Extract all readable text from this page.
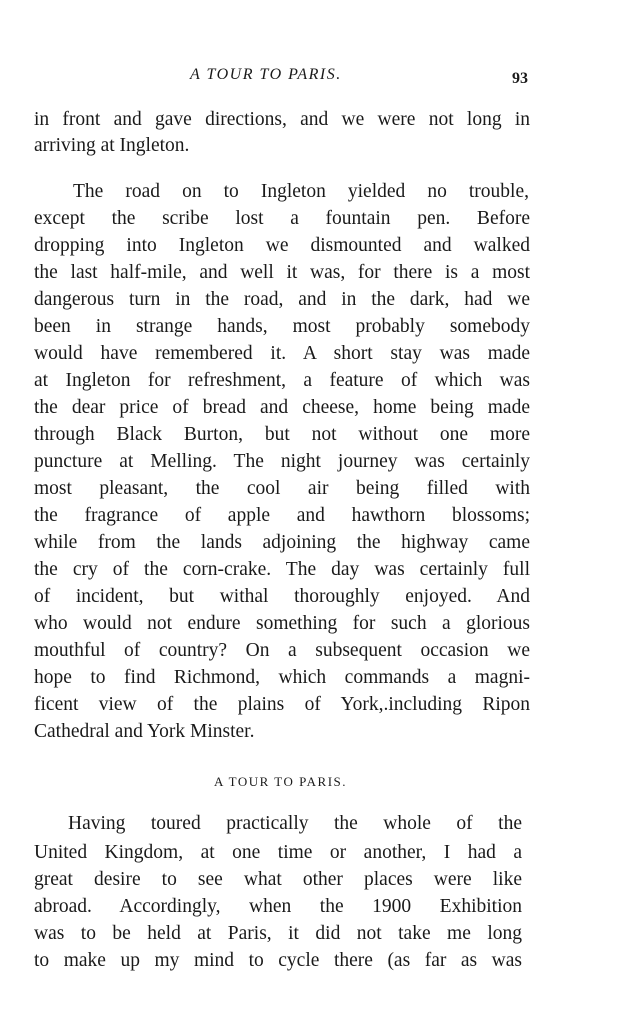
A TOUR TO PARIS.	93
in front and gave directions, and we were not long in
arriving at Ingleton.
The road on to Ingleton yielded no trouble,
except the scribe lost a fountain pen. Before
dropping into Ingleton we dismounted and walked
the last half-mile, and well it was, for there is a most
dangerous turn in the road, and in the dark, had we
been in strange hands, most probably somebody
would have remembered it. A short stay was made
at Ingleton for refreshment, a feature of which was
the dear price of bread and cheese, home being made
through Black Burton, but not without one more
puncture at Melling. The night journey was certainly
most pleasant, the cool air being filled with
the fragrance of apple and hawthorn blossoms;
while from the lands adjoining the highway came
the cry of the corn-crake. The day was certainly full
of incident, but withal thoroughly enjoyed. And
who would not endure something for such a glorious
mouthful of country? On a subsequent occasion we
hope to find Richmond, which commands a magni-
ficent view of the plains of York,.including Ripon
Cathedral and York Minster.
A TOUR TO PARIS.
Having toured practically the whole of the
United Kingdom, at one time or another, I had a
great desire to see what other places were like
abroad. Accordingly, when the 1900 Exhibition
was to be held at Paris, it did not take me long
to make up my mind to cycle there (as far as was
